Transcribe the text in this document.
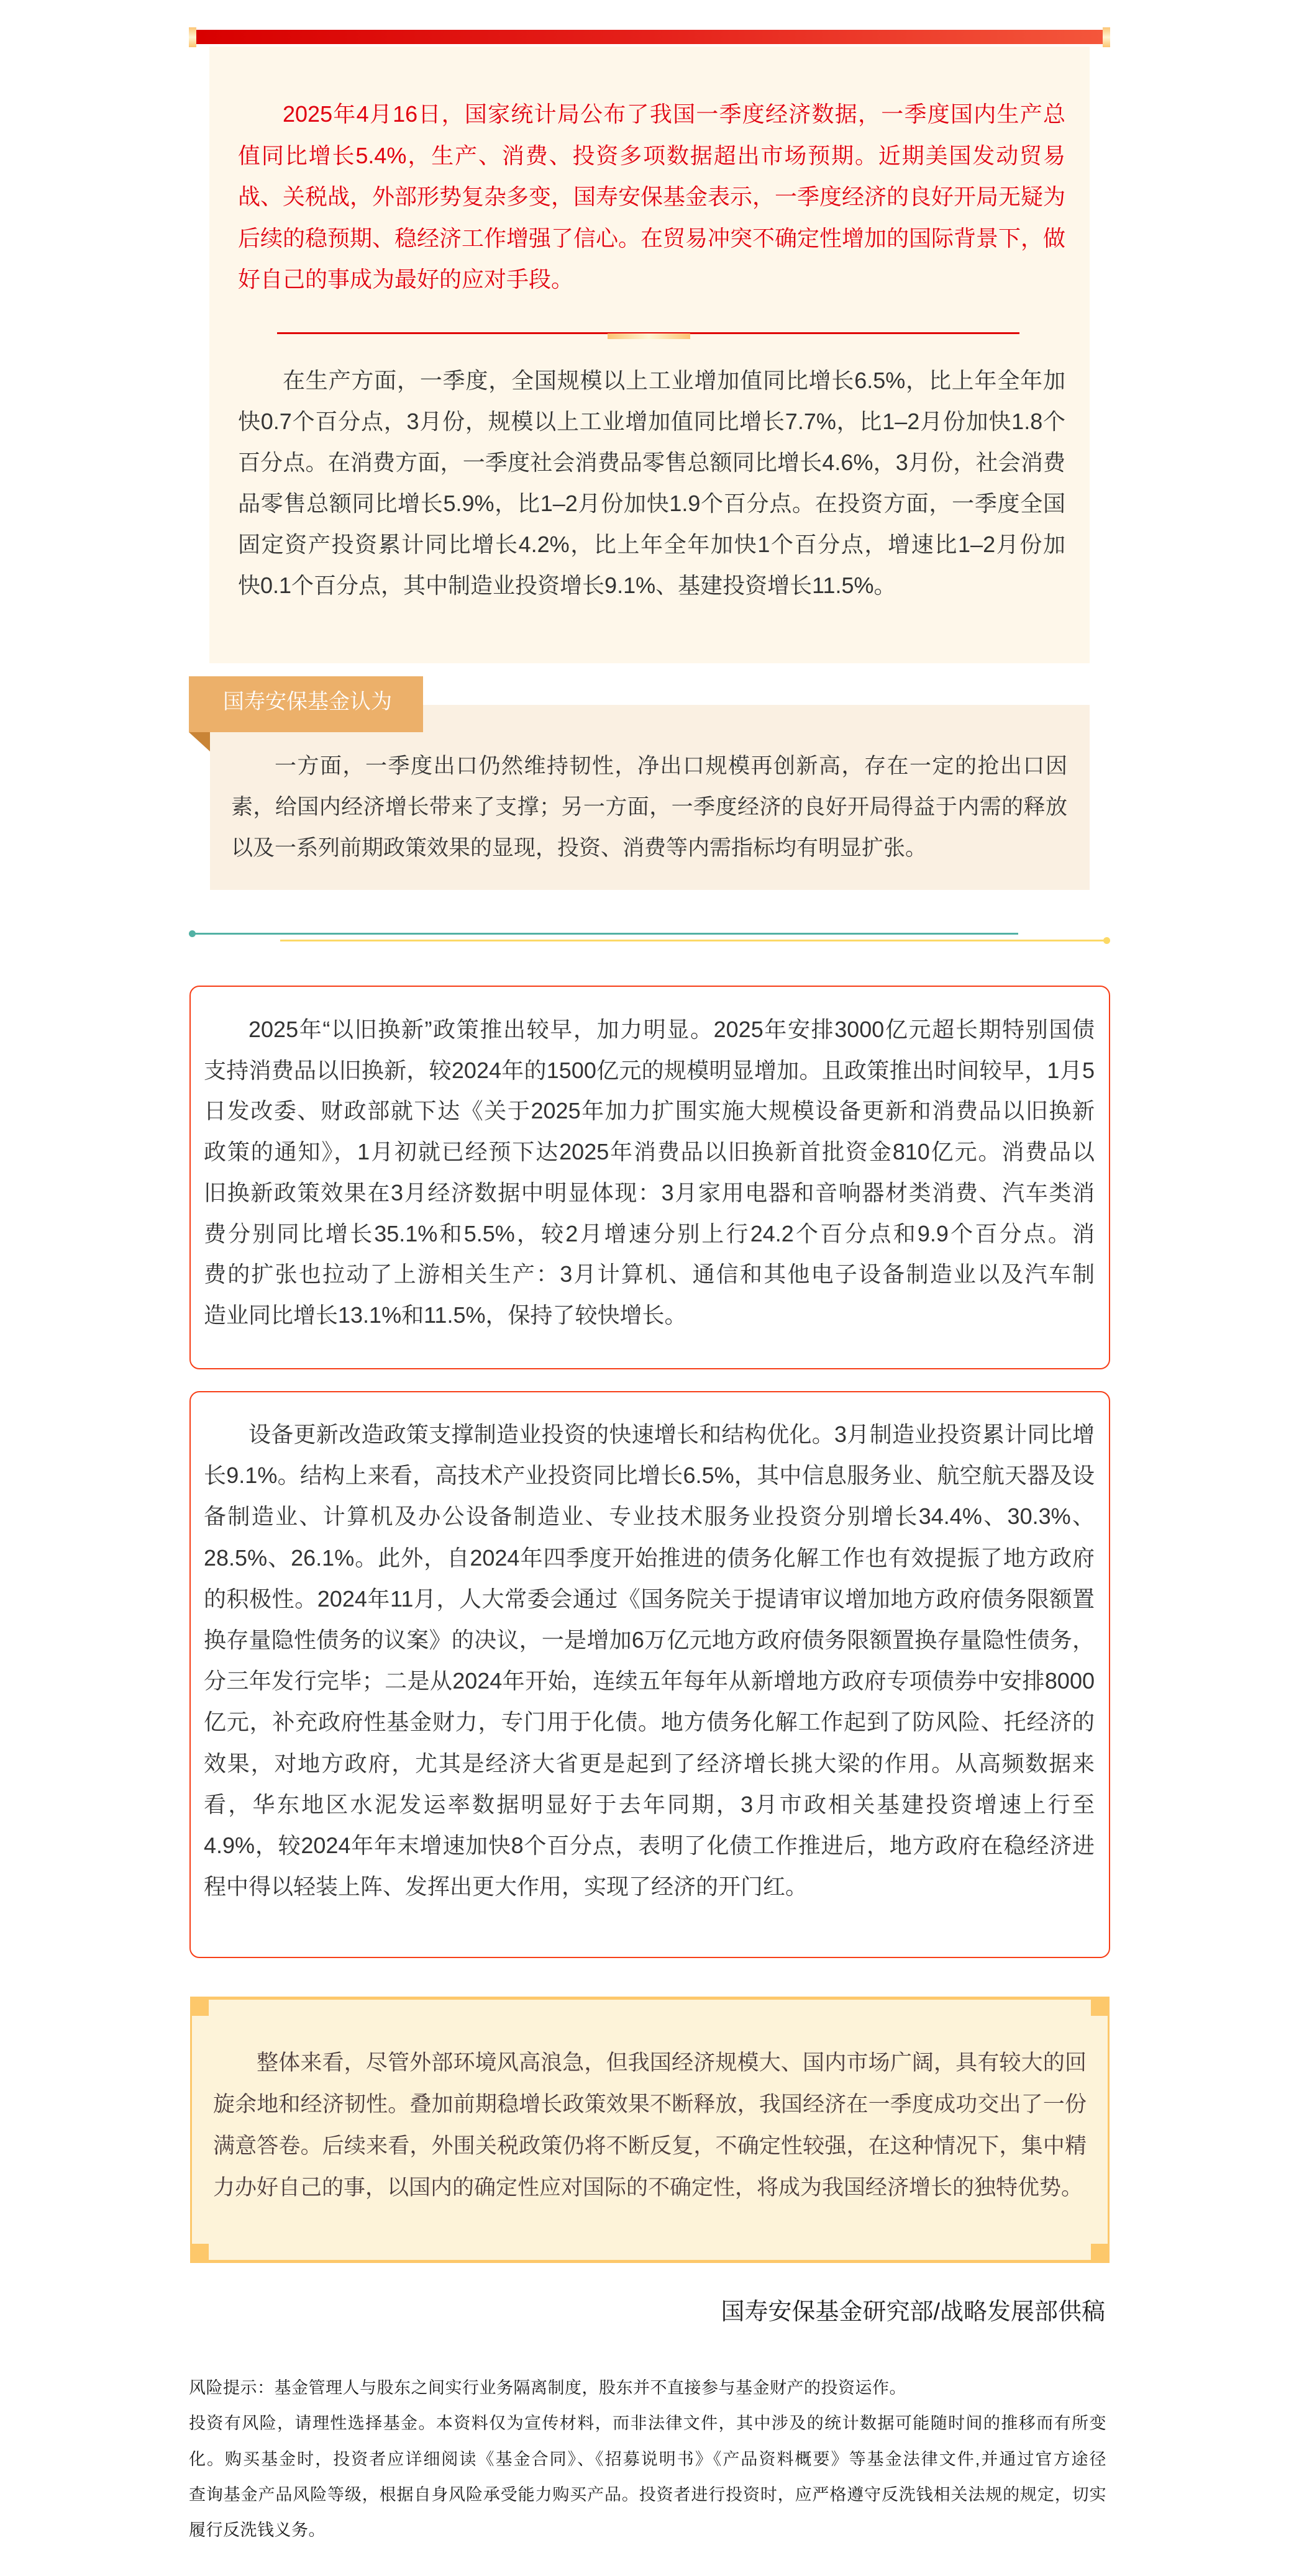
2025年4月16日，国家统计局公布了我国一季度经济数据，一季度国内生产总
值同比增长5.4%，生产、消费、投资多项数据超出市场预期。近期美国发动贸易
战、关税战，外部形势复杂多变，国寿安保基金表示，一季度经济的良好开局无疑为
后续的稳预期、稳经济工作增强了信心。在贸易冲突不确定性增加的国际背景下，做
好自己的事成为最好的应对手段。
在生产方面，一季度，全国规模以上工业增加值同比增长6.5%，比上年全年加
快0.7个百分点，3月份，规模以上工业增加值同比增长7.7%，比1–2月份加快1.8个
百分点。在消费方面，一季度社会消费品零售总额同比增长4.6%，3月份，社会消费
品零售总额同比增长5.9%，比1–2月份加快1.9个百分点。在投资方面，一季度全国
固定资产投资累计同比增长4.2%，比上年全年加快1个百分点，增速比1–2月份加
快0.1个百分点，其中制造业投资增长9.1%、基建投资增长11.5%。
一方面，一季度出口仍然维持韧性，净出口规模再创新高，存在一定的抢出口因
素，给国内经济增长带来了支撑；另一方面，一季度经济的良好开局得益于内需的释放
以及一系列前期政策效果的显现，投资、消费等内需指标均有明显扩张。
国寿安保基金认为
2025年“以旧换新”政策推出较早，加力明显。2025年安排3000亿元超长期特别国债
支持消费品以旧换新，较2024年的1500亿元的规模明显增加。且政策推出时间较早，1月5
日发改委、财政部就下达《关于2025年加力扩围实施大规模设备更新和消费品以旧换新
政策的通知》，1月初就已经预下达2025年消费品以旧换新首批资金810亿元。消费品以
旧换新政策效果在3月经济数据中明显体现：3月家用电器和音响器材类消费、汽车类消
费分别同比增长35.1%和5.5%，较2月增速分别上行24.2个百分点和9.9个百分点。消
费的扩张也拉动了上游相关生产：3月计算机、通信和其他电子设备制造业以及汽车制
造业同比增长13.1%和11.5%，保持了较快增长。
设备更新改造政策支撑制造业投资的快速增长和结构优化。3月制造业投资累计同比增
长9.1%。结构上来看，高技术产业投资同比增长6.5%，其中信息服务业、航空航天器及设
备制造业、计算机及办公设备制造业、专业技术服务业投资分别增长34.4%、30.3%、
28.5%、26.1%。此外，自2024年四季度开始推进的债务化解工作也有效提振了地方政府
的积极性。2024年11月，人大常委会通过《国务院关于提请审议增加地方政府债务限额置
换存量隐性债务的议案》的决议，一是增加6万亿元地方政府债务限额置换存量隐性债务，
分三年发行完毕；二是从2024年开始，连续五年每年从新增地方政府专项债券中安排8000
亿元，补充政府性基金财力，专门用于化债。地方债务化解工作起到了防风险、托经济的
效果，对地方政府，尤其是经济大省更是起到了经济增长挑大梁的作用。从高频数据来
看，华东地区水泥发运率数据明显好于去年同期，3月市政相关基建投资增速上行至
4.9%，较2024年年末增速加快8个百分点，表明了化债工作推进后，地方政府在稳经济进
程中得以轻装上阵、发挥出更大作用，实现了经济的开门红。
整体来看，尽管外部环境风高浪急，但我国经济规模大、国内市场广阔，具有较大的回
旋余地和经济韧性。叠加前期稳增长政策效果不断释放，我国经济在一季度成功交出了一份
满意答卷。后续来看，外围关税政策仍将不断反复，不确定性较强，在这种情况下，集中精
力办好自己的事，以国内的确定性应对国际的不确定性，将成为我国经济增长的独特优势。
国寿安保基金研究部/战略发展部供稿
风险提示：基金管理人与股东之间实行业务隔离制度，股东并不直接参与基金财产的投资运作。
投资有风险，请理性选择基金。本资料仅为宣传材料，而非法律文件，其中涉及的统计数据可能随时间的推移而有所变
化。购买基金时，投资者应详细阅读《基金合同》、《招募说明书》《产品资料概要》等基金法律文件,并通过官方途径
查询基金产品风险等级，根据自身风险承受能力购买产品。投资者进行投资时，应严格遵守反洗钱相关法规的规定，切实
履行反洗钱义务。
